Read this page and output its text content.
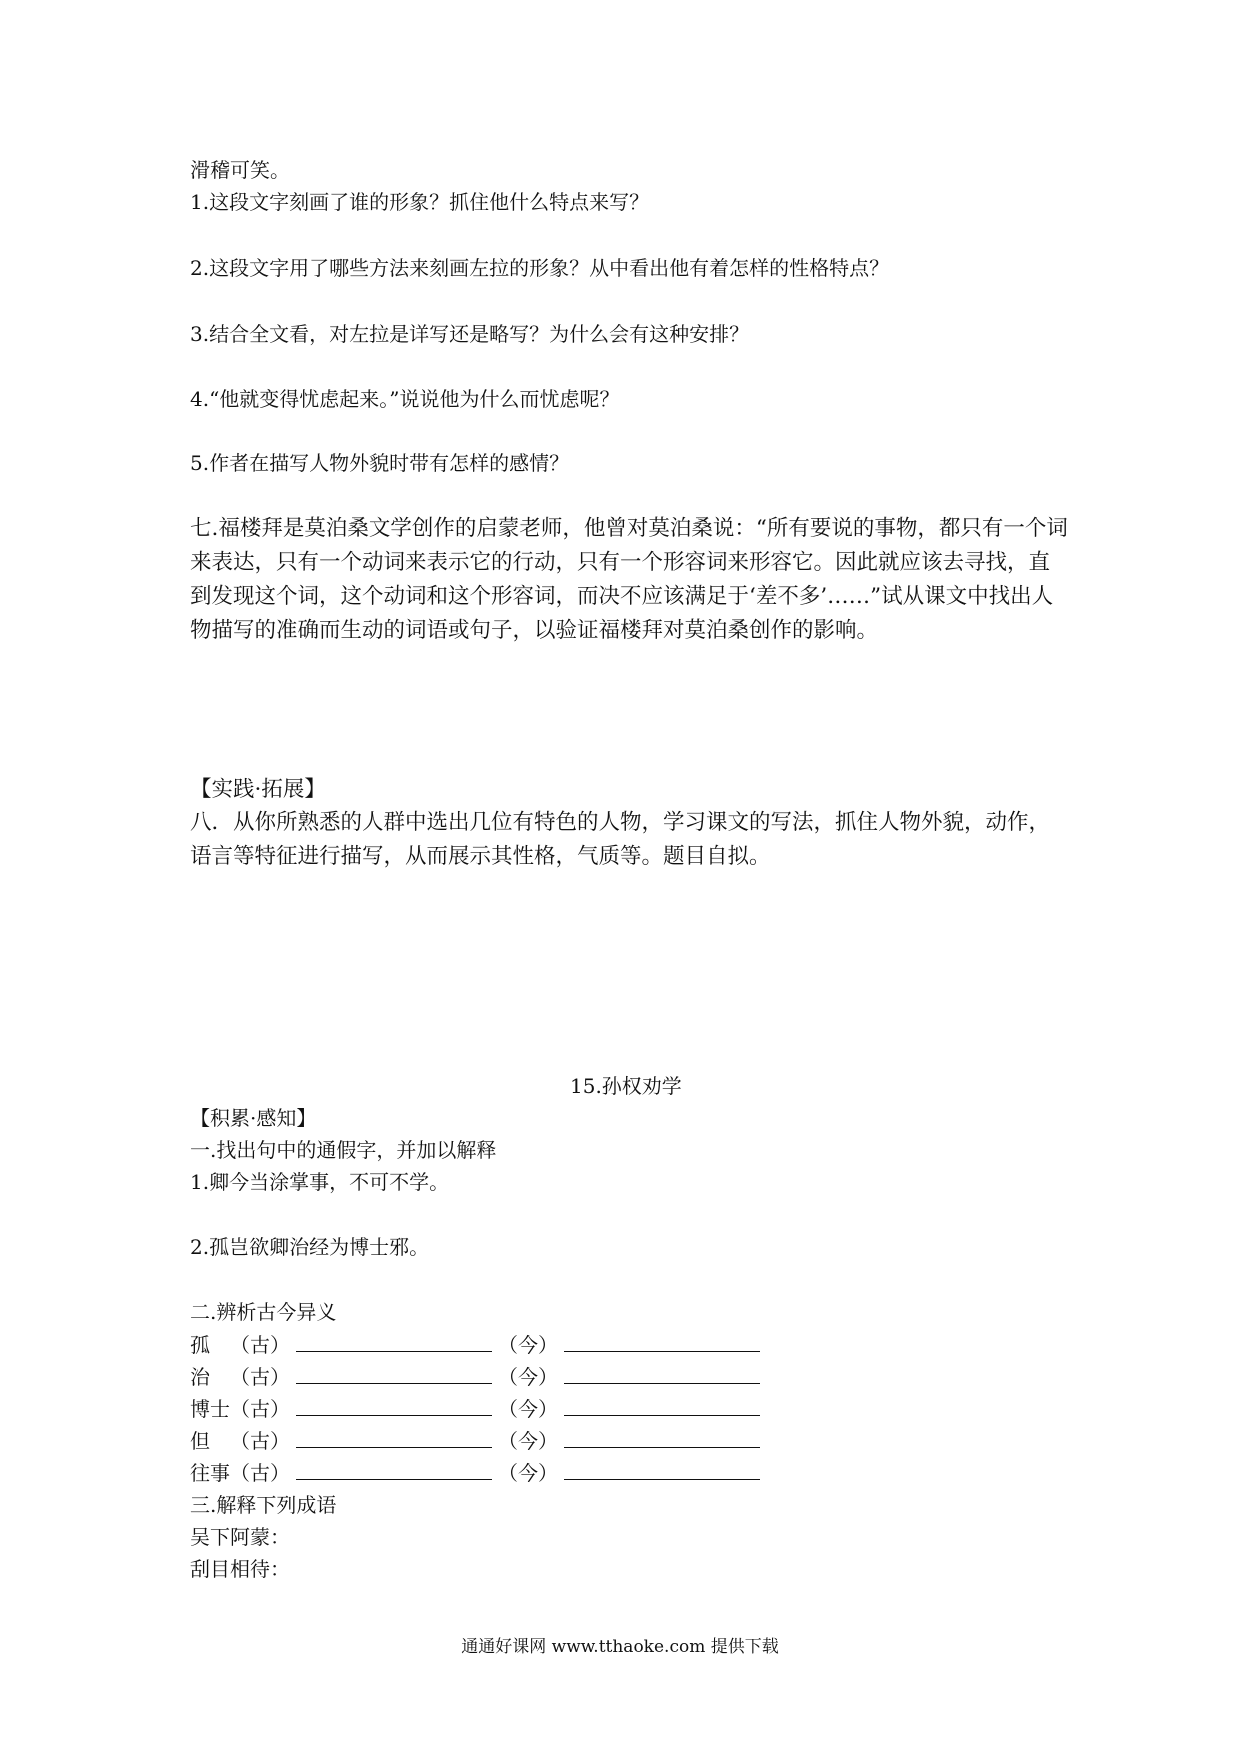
滑稽可笑。
1.这段文字刻画了谁的形象？抓住他什么特点来写？
2.这段文字用了哪些方法来刻画左拉的形象？从中看出他有着怎样的性格特点？
3.结合全文看，对左拉是详写还是略写？为什么会有这种安排？
4.“他就变得忧虑起来。”说说他为什么而忧虑呢？
5.作者在描写人物外貌时带有怎样的感情？
七.福楼拜是莫泊桑文学创作的启蒙老师，他曾对莫泊桑说：“所有要说的事物，都只有一个词来表达，只有一个动词来表示它的行动，只有一个形容词来形容它。因此就应该去寻找，直到发现这个词，这个动词和这个形容词，而决不应该满足于‘差不多’……”试从课文中找出人物描写的准确而生动的词语或句子，以验证福楼拜对莫泊桑创作的影响。
【实践·拓展】
八．从你所熟悉的人群中选出几位有特色的人物，学习课文的写法，抓住人物外貌，动作，语言等特征进行描写，从而展示其性格，气质等。题目自拟。
15.孙权劝学
【积累·感知】
一.找出句中的通假字，并加以解释
1.卿今当涂掌事，不可不学。
2.孤岂欲卿治经为博士邪。
二.辨析古今异义
孤 （古）	（今）
治 （古）	（今）
博士（古）	（今）
但 （古）	（今）
往事（古）	（今）
三.解释下列成语
吴下阿蒙：
刮目相待：
通通好课网 www.tthaoke.com 提供下载
